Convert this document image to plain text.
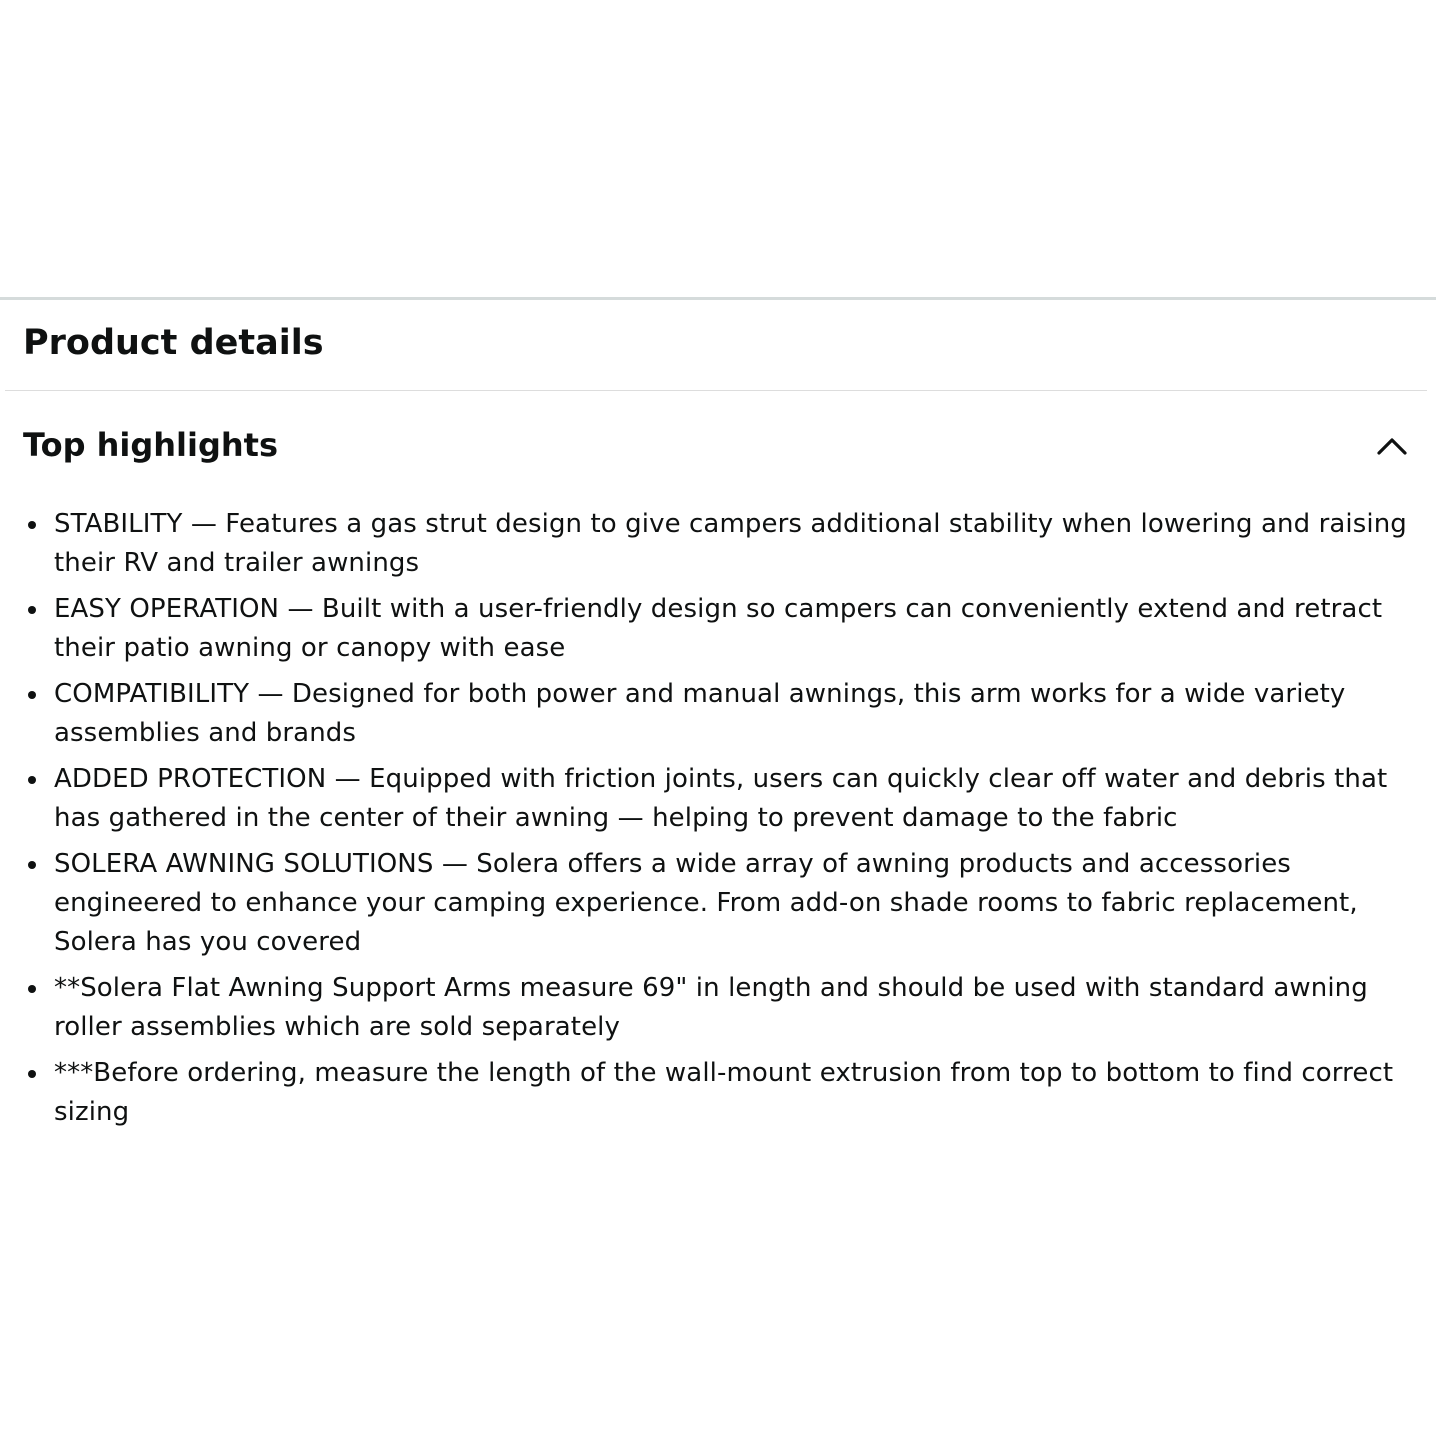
Product details
Top highlights
STABILITY — Features a gas strut design to give campers additional stability when lowering and raising their RV and trailer awnings
EASY OPERATION — Built with a user-friendly design so campers can conveniently extend and retract their patio awning or canopy with ease
COMPATIBILITY — Designed for both power and manual awnings, this arm works for a wide variety assemblies and brands
ADDED PROTECTION — Equipped with friction joints, users can quickly clear off water and debris that has gathered in the center of their awning — helping to prevent damage to the fabric
SOLERA AWNING SOLUTIONS — Solera offers a wide array of awning products and accessories engineered to enhance your camping experience. From add-on shade rooms to fabric replacement, Solera has you covered
**Solera Flat Awning Support Arms measure 69" in length and should be used with standard awning roller assemblies which are sold separately
***Before ordering, measure the length of the wall-mount extrusion from top to bottom to find correct sizing
